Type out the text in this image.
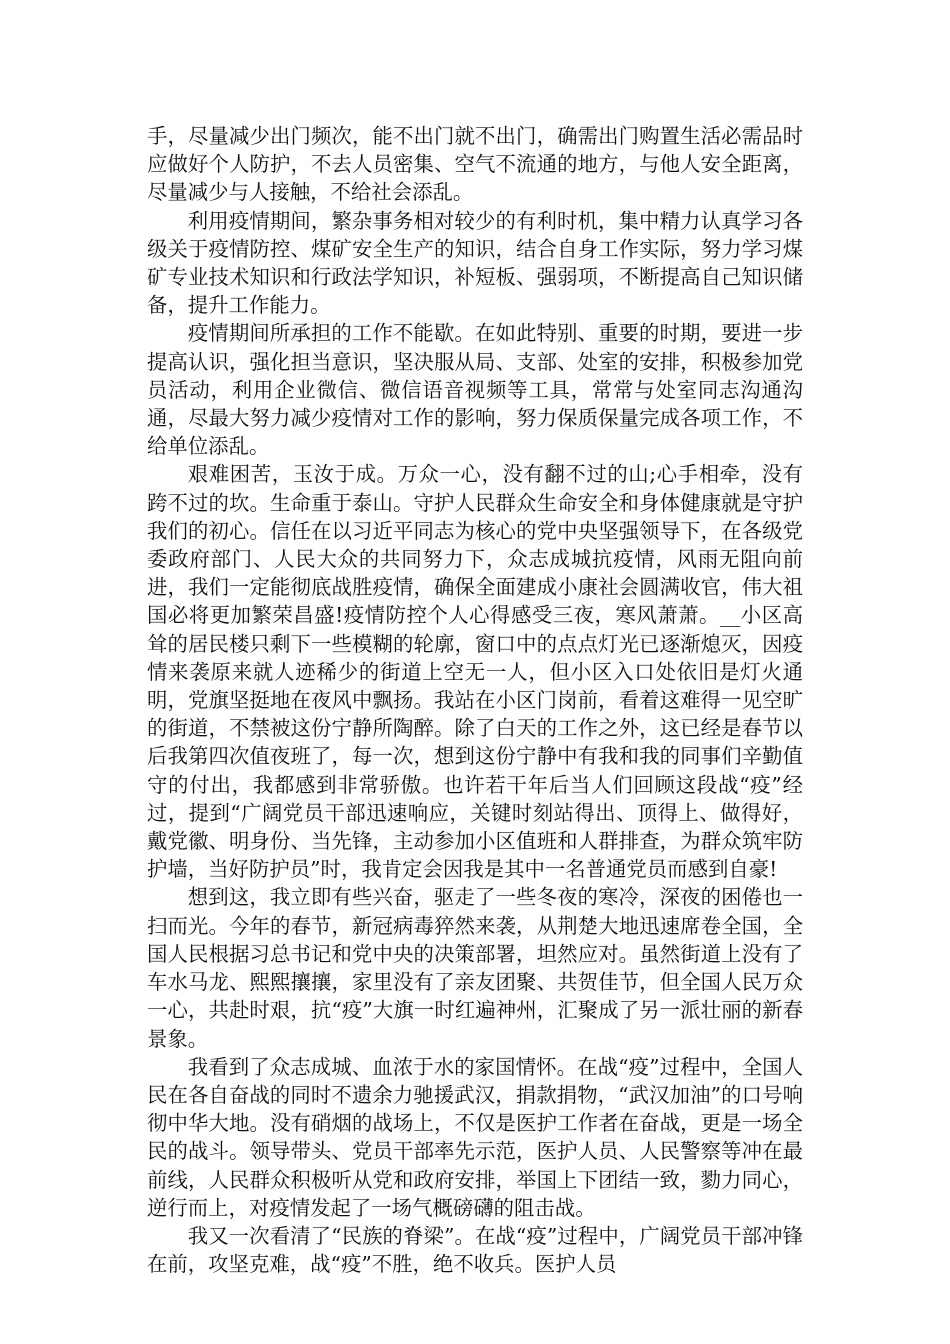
手，尽量减少出门频次，能不出门就不出门，确需出门购置生活必需品时应做好个人防护，不去人员密集、空气不流通的地方，与他人安全距离，尽量减少与人接触，不给社会添乱。

利用疫情期间，繁杂事务相对较少的有利时机，集中精力认真学习各级关于疫情防控、煤矿安全生产的知识，结合自身工作实际，努力学习煤矿专业技术知识和行政法学知识，补短板、强弱项，不断提高自己知识储备，提升工作能力。

疫情期间所承担的工作不能歇。在如此特别、重要的时期，要进一步提高认识，强化担当意识，坚决服从局、支部、处室的安排，积极参加党员活动，利用企业微信、微信语音视频等工具，常常与处室同志沟通沟通，尽最大努力减少疫情对工作的影响，努力保质保量完成各项工作，不给单位添乱。

艰难困苦，玉汝于成。万众一心，没有翻不过的山;心手相牵，没有跨不过的坎。生命重于泰山。守护人民群众生命安全和身体健康就是守护我们的初心。信任在以习近平同志为核心的党中央坚强领导下，在各级党委政府部门、人民大众的共同努力下，众志成城抗疫情，风雨无阻向前进，我们一定能彻底战胜疫情，确保全面建成小康社会圆满收官，伟大祖国必将更加繁荣昌盛!疫情防控个人心得感受三夜，寒风萧萧。__小区高耸的居民楼只剩下一些模糊的轮廓，窗口中的点点灯光已逐渐熄灭，因疫情来袭原来就人迹稀少的街道上空无一人，但小区入口处依旧是灯火通明，党旗坚挺地在夜风中飘扬。我站在小区门岗前，看着这难得一见空旷的街道，不禁被这份宁静所陶醉。除了白天的工作之外，这已经是春节以后我第四次值夜班了，每一次，想到这份宁静中有我和我的同事们辛勤值守的付出，我都感到非常骄傲。也许若干年后当人们回顾这段战“疫”经过，提到“广阔党员干部迅速响应，关键时刻站得出、顶得上、做得好，戴党徽、明身份、当先锋，主动参加小区值班和人群排查，为群众筑牢防护墙，当好防护员”时，我肯定会因我是其中一名普通党员而感到自豪!

想到这，我立即有些兴奋，驱走了一些冬夜的寒冷，深夜的困倦也一扫而光。今年的春节，新冠病毒猝然来袭，从荆楚大地迅速席卷全国，全国人民根据习总书记和党中央的决策部署，坦然应对。虽然街道上没有了车水马龙、熙熙攘攘，家里没有了亲友团聚、共贺佳节，但全国人民万众一心，共赴时艰，抗“疫”大旗一时红遍神州，汇聚成了另一派壮丽的新春景象。

我看到了众志成城、血浓于水的家国情怀。在战“疫”过程中，全国人民在各自奋战的同时不遗余力驰援武汉，捐款捐物，“武汉加油”的口号响彻中华大地。没有硝烟的战场上，不仅是医护工作者在奋战，更是一场全民的战斗。领导带头、党员干部率先示范，医护人员、人民警察等冲在最前线，人民群众积极听从党和政府安排，举国上下团结一致，勠力同心，逆行而上，对疫情发起了一场气概磅礴的阻击战。

我又一次看清了“民族的脊梁”。在战“疫”过程中，广阔党员干部冲锋在前，攻坚克难，战“疫”不胜，绝不收兵。医护人员
